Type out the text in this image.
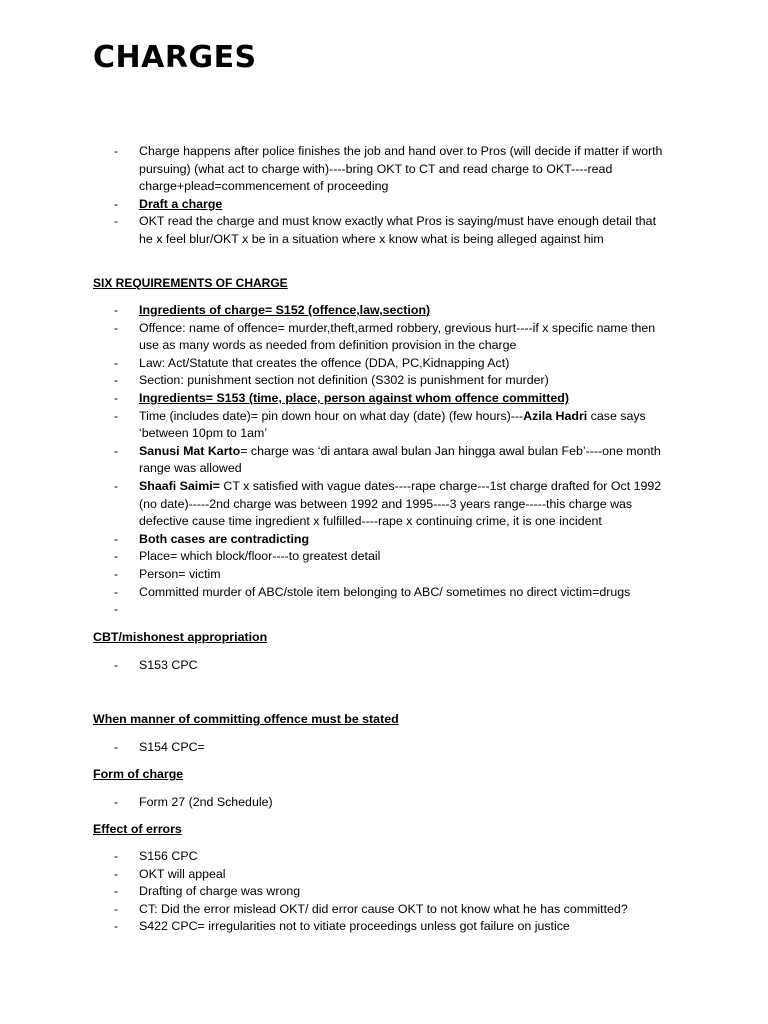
CHARGES
- Charge happens after police finishes the job and hand over to Pros (will decide if matter if worth pursuing) (what act to charge with)----bring OKT to CT and read charge to OKT----read charge+plead=commencement of proceeding
- Draft a charge
- OKT read the charge and must know exactly what Pros is saying/must have enough detail that he x feel blur/OKT x be in a situation where x know what is being alleged against him
SIX REQUIREMENTS OF CHARGE
- Ingredients of charge= S152 (offence,law,section)
- Offence: name of offence= murder,theft,armed robbery, grevious hurt----if x specific name then use as many words as needed from definition provision in the charge
- Law: Act/Statute that creates the offence (DDA, PC,Kidnapping Act)
- Section: punishment section not definition (S302 is punishment for murder)
- Ingredients= S153 (time, place, person against whom offence committed)
- Time (includes date)= pin down hour on what day (date) (few hours)---Azila Hadri case says ‘between 10pm to 1am’
- Sanusi Mat Karto= charge was ‘di antara awal bulan Jan hingga awal bulan Feb’----one month range was allowed
- Shaafi Saimi= CT x satisfied with vague dates----rape charge---1st charge drafted for Oct 1992 (no date)-----2nd charge was between 1992 and 1995----3 years range-----this charge was defective cause time ingredient x fulfilled----rape x continuing crime, it is one incident
- Both cases are contradicting
- Place= which block/floor----to greatest detail
- Person= victim
- Committed murder of ABC/stole item belonging to ABC/ sometimes no direct victim=drugs
-

CBT/mishonest appropriation
- S153 CPC
When manner of committing offence must be stated
- S154 CPC=
Form of charge
- Form 27 (2nd Schedule)
Effect of errors
- S156 CPC
- OKT will appeal
- Drafting of charge was wrong
- CT: Did the error mislead OKT/ did error cause OKT to not know what he has committed?
- S422 CPC= irregularities not to vitiate proceedings unless got failure on justice
